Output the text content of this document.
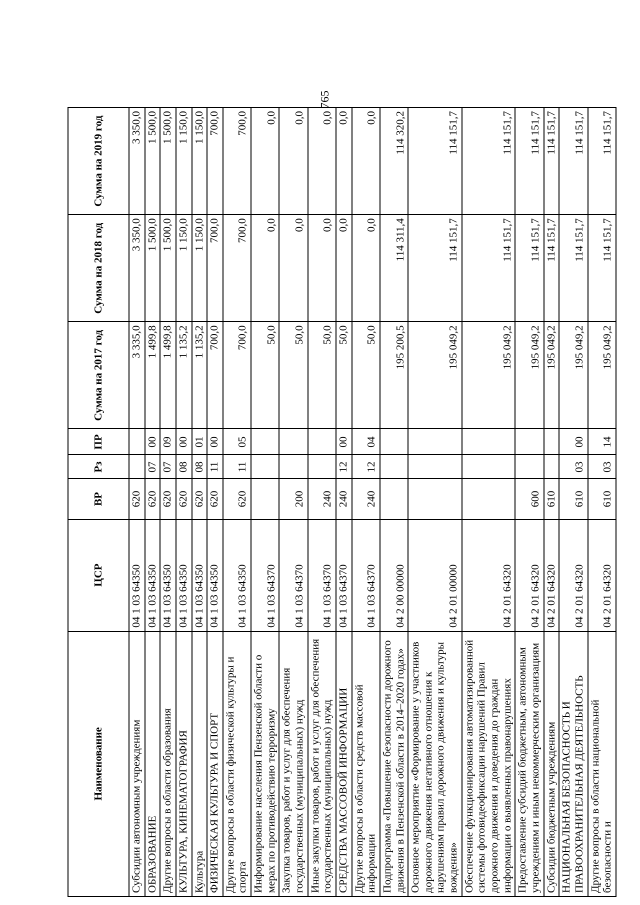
765
Наименование	ЦСР	ВР	Рз	ПР	Сумма на 2017 год	Сумма на 2018 год	Сумма на 2019 год
Субсидии автономным учреждениям	04 1 03 64350	620			3 335,0	3 350,0	3 350,0
ОБРАЗОВАНИЕ	04 1 03 64350	620	07	00	1 499,8	1 500,0	1 500,0
Другие вопросы в области образования	04 1 03 64350	620	07	09	1 499,8	1 500,0	1 500,0
КУЛЬТУРА, КИНЕМАТОГРАФИЯ	04 1 03 64350	620	08	00	1 135,2	1 150,0	1 150,0
Культура	04 1 03 64350	620	08	01	1 135,2	1 150,0	1 150,0
ФИЗИЧЕСКАЯ КУЛЬТУРА И СПОРТ	04 1 03 64350	620	11	00	700,0	700,0	700,0
Другие вопросы в области физической культуры и спорта	04 1 03 64350	620	11	05	700,0	700,0	700,0
Информирование населения Пензенской области о мерах по противодействию терроризму	04 1 03 64370				50,0	0,0	0,0
Закупка товаров, работ и услуг для обеспечения государственных (муниципальных) нужд	04 1 03 64370	200			50,0	0,0	0,0
Иные закупки товаров, работ и услуг для обеспечения государственных (муниципальных) нужд	04 1 03 64370	240			50,0	0,0	0,0
СРЕДСТВА МАССОВОЙ ИНФОРМАЦИИ	04 1 03 64370	240	12	00	50,0	0,0	0,0
Другие вопросы в области средств массовой информации	04 1 03 64370	240	12	04	50,0	0,0	0,0
Подпрограмма «Повышение безопасности дорожного движения в Пензенской области в 2014–2020 годах»	04 2 00 00000				195 200,5	114 311,4	114 320,2
Основное мероприятие «Формирование у участников дорожного движения негативного отношения к нарушениям правил дорожного движения и культуры вождения»	04 2 01 00000				195 049,2	114 151,7	114 151,7
Обеспечение функционирования автоматизированной системы фотовидеофиксации нарушений Правил дорожного движения и доведения до граждан информации о выявленных правонарушениях	04 2 01 64320				195 049,2	114 151,7	114 151,7
Предоставление субсидий бюджетным, автономным учреждениям и иным некоммерческим организациям	04 2 01 64320	600			195 049,2	114 151,7	114 151,7
Субсидии бюджетным учреждениям	04 2 01 64320	610			195 049,2	114 151,7	114 151,7
НАЦИОНАЛЬНАЯ БЕЗОПАСНОСТЬ И ПРАВООХРАНИТЕЛЬНАЯ ДЕЯТЕЛЬНОСТЬ	04 2 01 64320	610	03	00	195 049,2	114 151,7	114 151,7
Другие вопросы в области национальной безопасности и	04 2 01 64320	610	03	14	195 049,2	114 151,7	114 151,7
